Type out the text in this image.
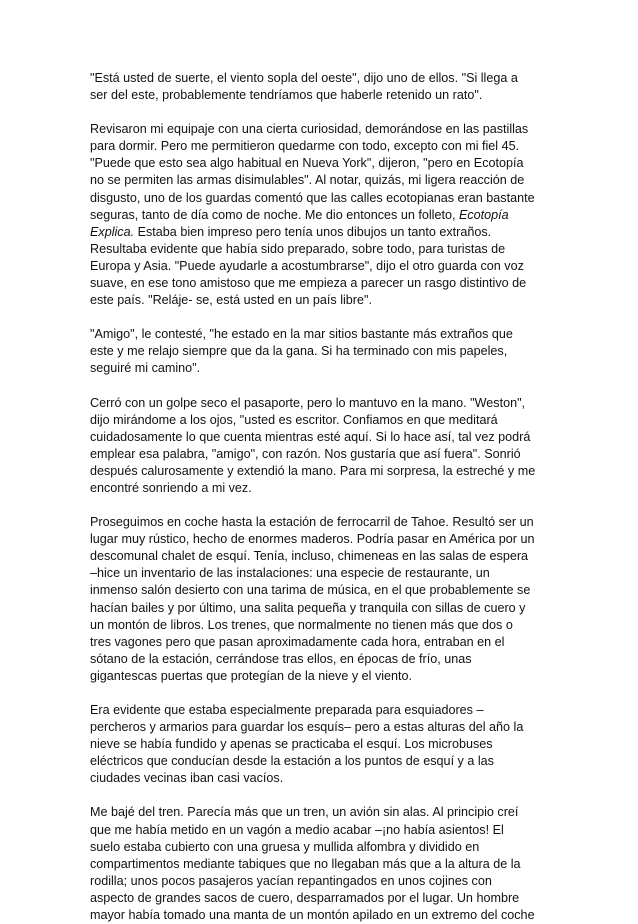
"Está usted de suerte, el viento sopla del oeste", dijo uno de ellos. "Si llega a
ser del este, probablemente tendríamos que haberle retenido un rato".

Revisaron mi equipaje con una cierta curiosidad, demorándose en las pastillas
para dormir. Pero me permitieron quedarme con todo, excepto con mi fiel 45.
"Puede que esto sea algo habitual en Nueva York", dijeron, "pero en Ecotopía
no se permiten las armas disimulables". Al notar, quizás, mi ligera reacción de
disgusto, uno de los guardas comentó que las calles ecotopianas eran bastante
seguras, tanto de día como de noche. Me dio entonces un folleto, Ecotopía
Explica. Estaba bien impreso pero tenía unos dibujos un tanto extraños.
Resultaba evidente que había sido preparado, sobre todo, para turistas de
Europa y Asia. "Puede ayudarle a acostumbrarse", dijo el otro guarda con voz
suave, en ese tono amistoso que me empieza a parecer un rasgo distintivo de
este país. "Reláje- se, está usted en un país libre".

"Amigo", le contesté, "he estado en la mar sitios bastante más extraños que
este y me relajo siempre que da la gana. Si ha terminado con mis papeles,
seguiré mi camino".

Cerró con un golpe seco el pasaporte, pero lo mantuvo en la mano. "Weston",
dijo mirándome a los ojos, "usted es escritor. Confiamos en que meditará
cuidadosamente lo que cuenta mientras esté aquí. Si lo hace así, tal vez podrá
emplear esa palabra, "amigo", con razón. Nos gustaría que así fuera". Sonrió
después calurosamente y extendió la mano. Para mi sorpresa, la estreché y me
encontré sonriendo a mi vez.

Proseguimos en coche hasta la estación de ferrocarril de Tahoe. Resultó ser un
lugar muy rústico, hecho de enormes maderos. Podría pasar en América por un
descomunal chalet de esquí. Tenía, incluso, chimeneas en las salas de espera
–hice un inventario de las instalaciones: una especie de restaurante, un
inmenso salón desierto con una tarima de música, en el que probablemente se
hacían bailes y por último, una salita pequeña y tranquila con sillas de cuero y
un montón de libros. Los trenes, que normalmente no tienen más que dos o
tres vagones pero que pasan aproximadamente cada hora, entraban en el
sótano de la estación, cerrándose tras ellos, en épocas de frío, unas
gigantescas puertas que protegían de la nieve y el viento.

Era evidente que estaba especialmente preparada para esquiadores –
percheros y armarios para guardar los esquís– pero a estas alturas del año la
nieve se había fundido y apenas se practicaba el esquí. Los microbuses
eléctricos que conducían desde la estación a los puntos de esquí y a las
ciudades vecinas iban casi vacíos.

Me bajé del tren. Parecía más que un tren, un avión sin alas. Al principio creí
que me había metido en un vagón a medio acabar –¡no había asientos! El
suelo estaba cubierto con una gruesa y mullida alfombra y dividido en
compartimentos mediante tabiques que no llegaban más que a la altura de la
rodilla; unos pocos pasajeros yacían repantingados en unos cojines con
aspecto de grandes sacos de cuero, desparramados por el lugar. Un hombre
mayor había tomado una manta de un montón apilado en un extremo del coche
